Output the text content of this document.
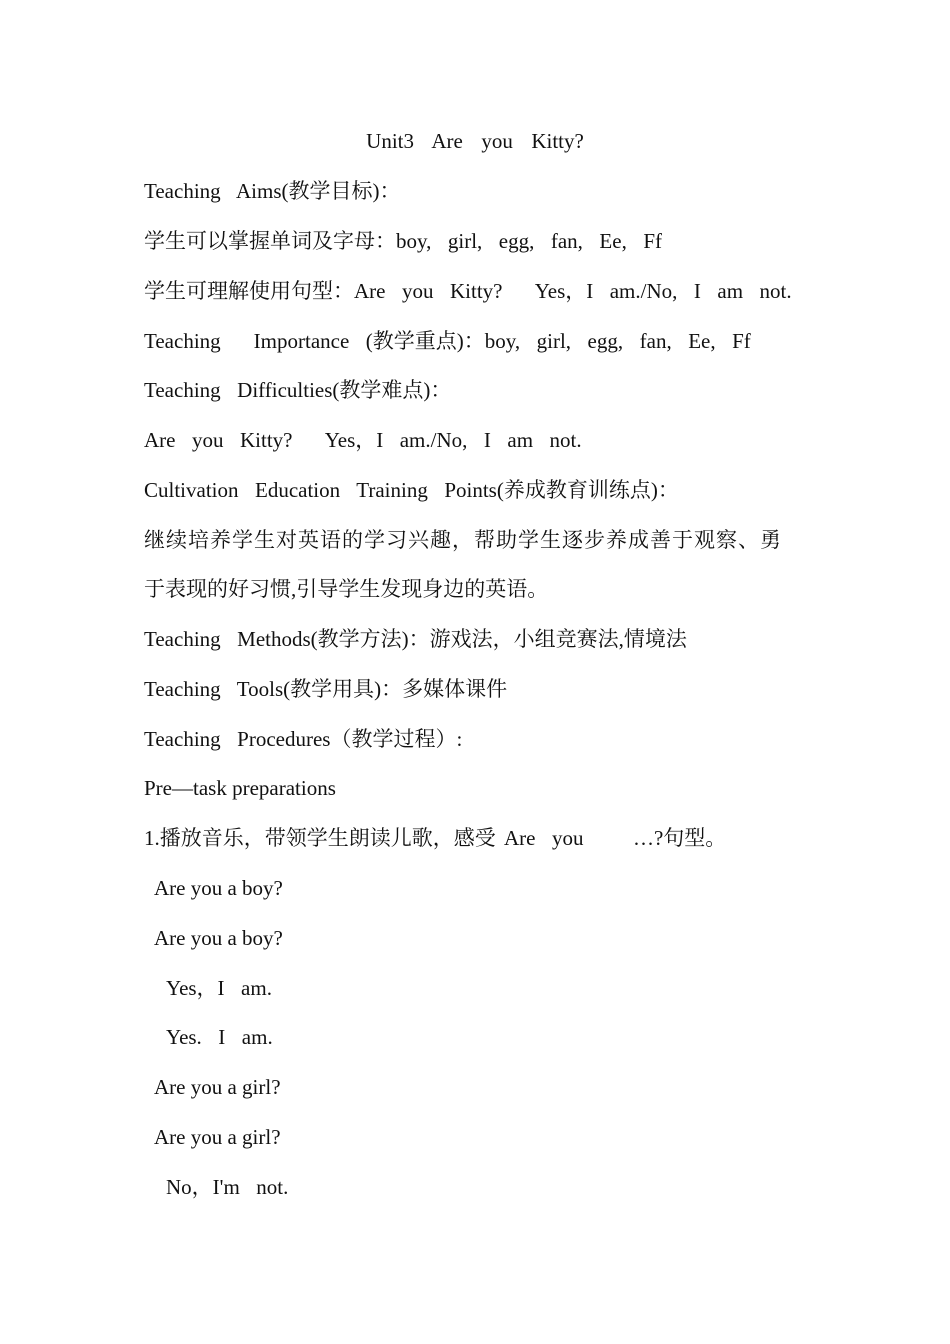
Unit3  Are  you  Kitty?
Teaching  Aims(教学目标)：
学生可以掌握单词及字母：boy,  girl,  egg,  fan,  Ee,  Ff
学生可理解使用句型：Are  you  Kitty?    Yes，I  am./No,  I  am  not.
Teaching    Importance  (教学重点)：boy,  girl,  egg,  fan,  Ee,  Ff
Teaching  Difficulties(教学难点)：
Are  you  Kitty?    Yes，I  am./No,  I  am  not.
Cultivation  Education  Training  Points(养成教育训练点)：
继续培养学生对英语的学习兴趣，帮助学生逐步养成善于观察、勇
于表现的好习惯,引导学生发现身边的英语。
Teaching  Methods(教学方法)：游戏法，小组竞赛法,情境法
Teaching  Tools(教学用具)：多媒体课件
Teaching  Procedures（教学过程）:
Pre—task preparations
1.播放音乐，带领学生朗读儿歌，感受 Are  you      …?句型。
Are you a boy?
Are you a boy?
Yes，I  am.
Yes.  I  am.
Are you a girl?
Are you a girl?
No，I'm  not.
